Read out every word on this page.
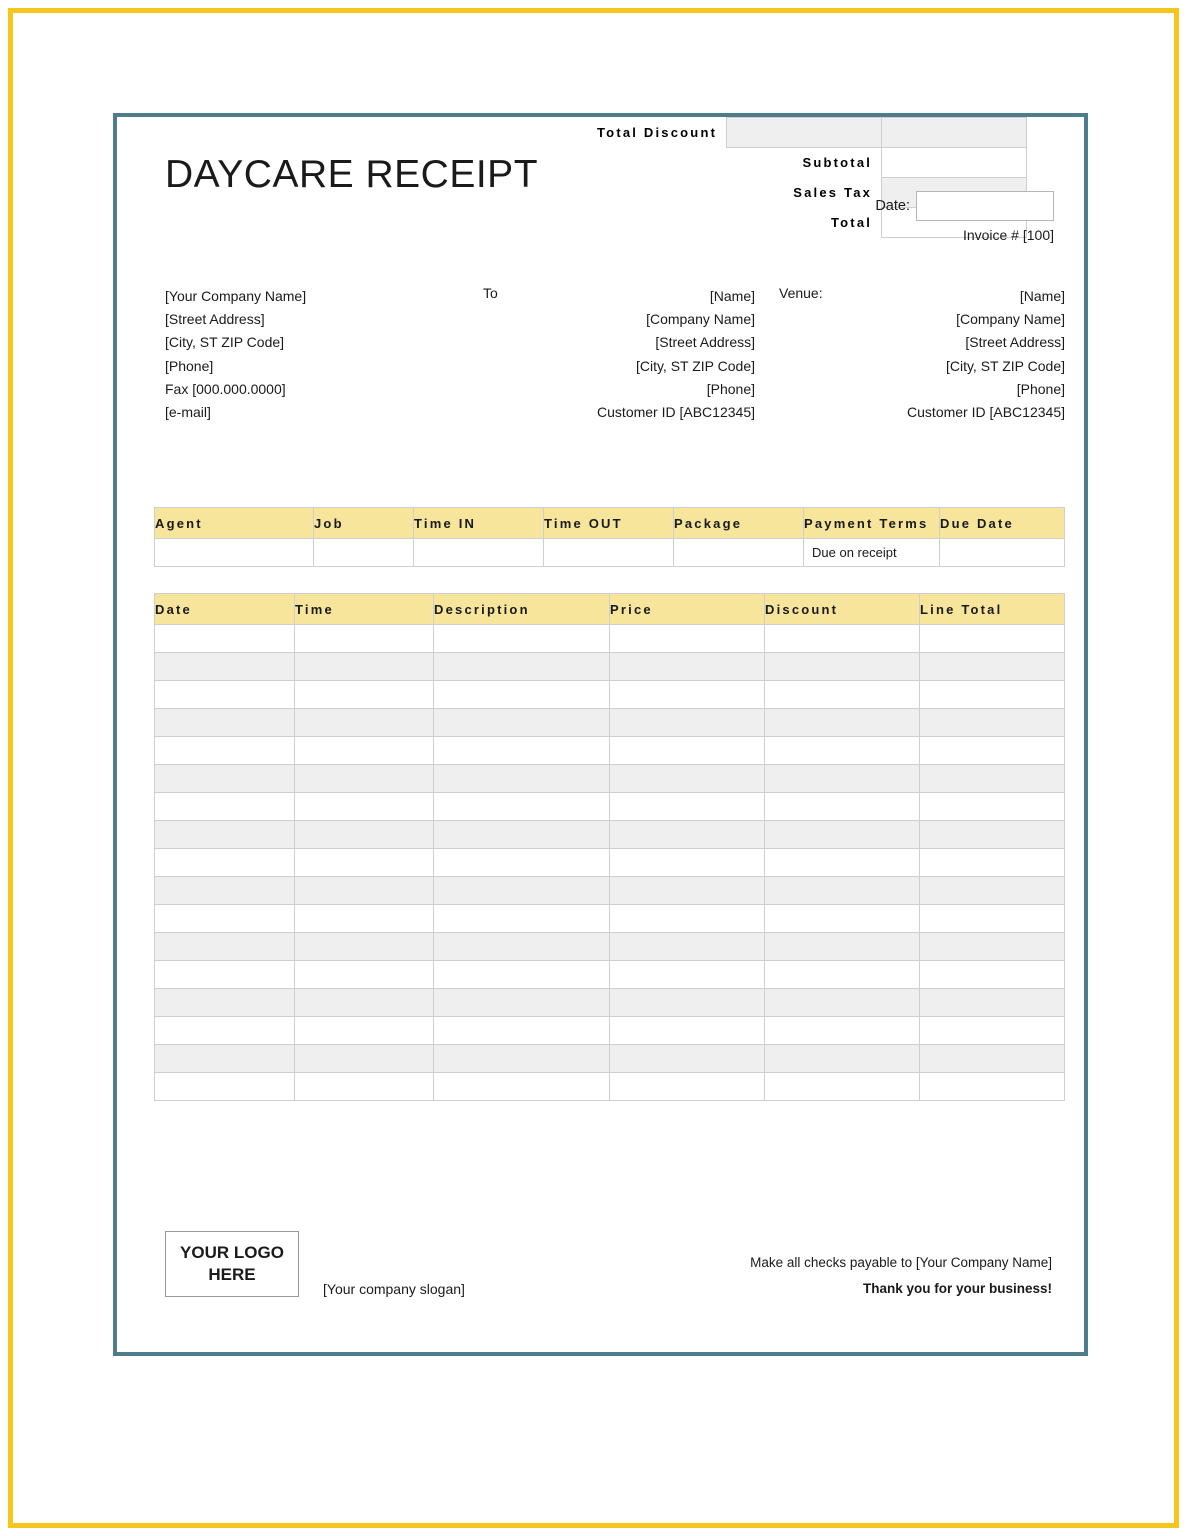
DAYCARE RECEIPT
Date:
Invoice # [100]
[Your Company Name]
[Street Address]
[City, ST ZIP Code]
[Phone]
Fax [000.000.0000]
[e-mail]
To	[Name]
[Company Name]
[Street Address]
[City, ST ZIP Code]
[Phone]
Customer ID [ABC12345]
Venue:	[Name]
[Company Name]
[Street Address]
[City, ST ZIP Code]
[Phone]
Customer ID [ABC12345]
Agent	Job	Time IN	Time OUT	Package	Payment Terms	Due Date
					Due on receipt	
Date	Time	Description	Price	Discount	Line Total

			Total Discount		
				Subtotal	
				Sales Tax	
				Total	
YOUR LOGO
HERE
[Your company slogan]
Make all checks payable to [Your Company Name]
Thank you for your business!
